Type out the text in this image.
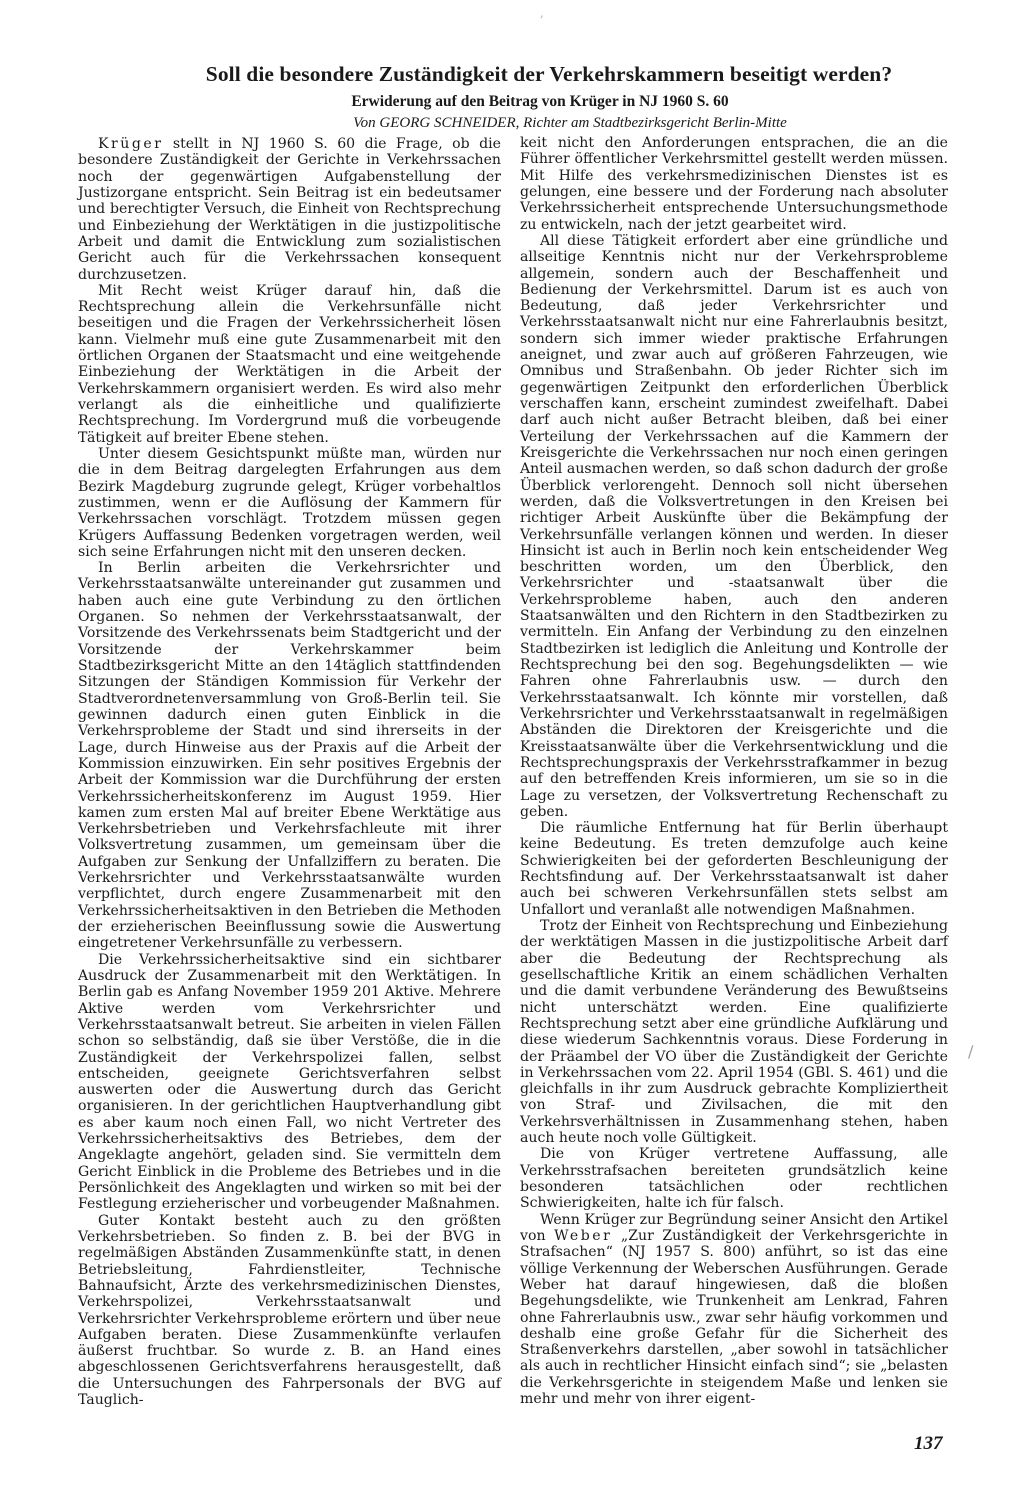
Soll die besondere Zuständigkeit der Verkehrskammern beseitigt werden?
Erwiderung auf den Beitrag von Krüger in NJ 1960 S. 60
Von GEORG SCHNEIDER, Richter am Stadtbezirksgericht Berlin-Mitte

Krüger stellt in NJ 1960 S. 60 die Frage, ob die besondere Zuständigkeit der Gerichte in Verkehrssachen noch der gegenwärtigen Aufgabenstellung der Justizorgane entspricht. Sein Beitrag ist ein bedeutsamer und berechtigter Versuch, die Einheit von Rechtsprechung und Einbeziehung der Werktätigen in die justizpolitische Arbeit und damit die Entwicklung zum sozialistischen Gericht auch für die Verkehrssachen konsequent durchzusetzen.

Mit Recht weist Krüger darauf hin, daß die Rechtsprechung allein die Verkehrsunfälle nicht beseitigen und die Fragen der Verkehrssicherheit lösen kann. Vielmehr muß eine gute Zusammenarbeit mit den örtlichen Organen der Staatsmacht und eine weitgehende Einbeziehung der Werktätigen in die Arbeit der Verkehrskammern organisiert werden. Es wird also mehr verlangt als die einheitliche und qualifizierte Rechtsprechung. Im Vordergrund muß die vorbeugende Tätigkeit auf breiter Ebene stehen.

Unter diesem Gesichtspunkt müßte man, würden nur die in dem Beitrag dargelegten Erfahrungen aus dem Bezirk Magdeburg zugrunde gelegt, Krüger vorbehaltlos zustimmen, wenn er die Auflösung der Kammern für Verkehrssachen vorschlägt. Trotzdem müssen gegen Krügers Auffassung Bedenken vorgetragen werden, weil sich seine Erfahrungen nicht mit den unseren decken.

In Berlin arbeiten die Verkehrsrichter und Verkehrsstaatsanwälte untereinander gut zusammen und haben auch eine gute Verbindung zu den örtlichen Organen. So nehmen der Verkehrsstaatsanwalt, der Vorsitzende des Verkehrssenats beim Stadtgericht und der Vorsitzende der Verkehrskammer beim Stadtbezirksgericht Mitte an den 14täglich stattfindenden Sitzungen der Ständigen Kommission für Verkehr der Stadtverordnetenversammlung von Groß-Berlin teil. Sie gewinnen dadurch einen guten Einblick in die Verkehrsprobleme der Stadt und sind ihrerseits in der Lage, durch Hinweise aus der Praxis auf die Arbeit der Kommission einzuwirken. Ein sehr positives Ergebnis der Arbeit der Kommission war die Durchführung der ersten Verkehrssicherheitskonferenz im August 1959. Hier kamen zum ersten Mal auf breiter Ebene Werktätige aus Verkehrsbetrieben und Verkehrsfachleute mit ihrer Volksvertretung zusammen, um gemeinsam über die Aufgaben zur Senkung der Unfallziffern zu beraten. Die Verkehrsrichter und Verkehrsstaatsanwälte wurden verpflichtet, durch engere Zusammenarbeit mit den Verkehrssicherheitsaktiven in den Betrieben die Methoden der erzieherischen Beeinflussung sowie die Auswertung eingetretener Verkehrsunfälle zu verbessern.

Die Verkehrssicherheitsaktive sind ein sichtbarer Ausdruck der Zusammenarbeit mit den Werktätigen. In Berlin gab es Anfang November 1959 201 Aktive. Mehrere Aktive werden vom Verkehrsrichter und Verkehrsstaatsanwalt betreut. Sie arbeiten in vielen Fällen schon so selbständig, daß sie über Verstöße, die in die Zuständigkeit der Verkehrspolizei fallen, selbst entscheiden, geeignete Gerichtsverfahren selbst auswerten oder die Auswertung durch das Gericht organisieren. In der gerichtlichen Hauptverhandlung gibt es aber kaum noch einen Fall, wo nicht Vertreter des Verkehrssicherheitsaktivs des Betriebes, dem der Angeklagte angehört, geladen sind. Sie vermitteln dem Gericht Einblick in die Probleme des Betriebes und in die Persönlichkeit des Angeklagten und wirken so mit bei der Festlegung erzieherischer und vorbeugender Maßnahmen.

Guter Kontakt besteht auch zu den größten Verkehrsbetrieben. So finden z. B. bei der BVG in regelmäßigen Abständen Zusammenkünfte statt, in denen Betriebsleitung, Fahrdienstleiter, Technische Bahnaufsicht, Ärzte des verkehrsmedizinischen Dienstes, Verkehrspolizei, Verkehrsstaatsanwalt und Verkehrsrichter Verkehrsprobleme erörtern und über neue Aufgaben beraten. Diese Zusammenkünfte verlaufen äußerst fruchtbar. So wurde z. B. an Hand eines abgeschlossenen Gerichtsverfahrens herausgestellt, daß die Untersuchungen des Fahrpersonals der BVG auf Tauglich-

keit nicht den Anforderungen entsprachen, die an die Führer öffentlicher Verkehrsmittel gestellt werden müssen. Mit Hilfe des verkehrsmedizinischen Dienstes ist es gelungen, eine bessere und der Forderung nach absoluter Verkehrssicherheit entsprechende Untersuchungsmethode zu entwickeln, nach der jetzt gearbeitet wird.

All diese Tätigkeit erfordert aber eine gründliche und allseitige Kenntnis nicht nur der Verkehrsprobleme allgemein, sondern auch der Beschaffenheit und Bedienung der Verkehrsmittel. Darum ist es auch von Bedeutung, daß jeder Verkehrsrichter und Verkehrsstaatsanwalt nicht nur eine Fahrerlaubnis besitzt, sondern sich immer wieder praktische Erfahrungen aneignet, und zwar auch auf größeren Fahrzeugen, wie Omnibus und Straßenbahn. Ob jeder Richter sich im gegenwärtigen Zeitpunkt den erforderlichen Überblick verschaffen kann, erscheint zumindest zweifelhaft. Dabei darf auch nicht außer Betracht bleiben, daß bei einer Verteilung der Verkehrssachen auf die Kammern der Kreisgerichte die Verkehrssachen nur noch einen geringen Anteil ausmachen werden, so daß schon dadurch der große Überblick verlorengeht. Dennoch soll nicht übersehen werden, daß die Volksvertretungen in den Kreisen bei richtiger Arbeit Auskünfte über die Bekämpfung der Verkehrsunfälle verlangen können und werden. In dieser Hinsicht ist auch in Berlin noch kein entscheidender Weg beschritten worden, um den Überblick, den Verkehrsrichter und -staatsanwalt über die Verkehrsprobleme haben, auch den anderen Staatsanwälten und den Richtern in den Stadtbezirken zu vermitteln. Ein Anfang der Verbindung zu den einzelnen Stadtbezirken ist lediglich die Anleitung und Kontrolle der Rechtsprechung bei den sog. Begehungsdelikten — wie Fahren ohne Fahrerlaubnis usw. — durch den Verkehrsstaatsanwalt. Ich könnte mir vorstellen, daß Verkehrsrichter und Verkehrsstaatsanwalt in regelmäßigen Abständen die Direktoren der Kreisgerichte und die Kreisstaatsanwälte über die Verkehrsentwicklung und die Rechtsprechungspraxis der Verkehrsstrafkammer in bezug auf den betreffenden Kreis informieren, um sie so in die Lage zu versetzen, der Volksvertretung Rechenschaft zu geben.

Die räumliche Entfernung hat für Berlin überhaupt keine Bedeutung. Es treten demzufolge auch keine Schwierigkeiten bei der geforderten Beschleunigung der Rechtsfindung auf. Der Verkehrsstaatsanwalt ist daher auch bei schweren Verkehrsunfällen stets selbst am Unfallort und veranlaßt alle notwendigen Maßnahmen.

Trotz der Einheit von Rechtsprechung und Einbeziehung der werktätigen Massen in die justizpolitische Arbeit darf aber die Bedeutung der Rechtsprechung als gesellschaftliche Kritik an einem schädlichen Verhalten und die damit verbundene Veränderung des Bewußtseins nicht unterschätzt werden. Eine qualifizierte Rechtsprechung setzt aber eine gründliche Aufklärung und diese wiederum Sachkenntnis voraus. Diese Forderung in der Präambel der VO über die Zuständigkeit der Gerichte in Verkehrssachen vom 22. April 1954 (GBl. S. 461) und die gleichfalls in ihr zum Ausdruck gebrachte Kompliziertheit von Straf- und Zivilsachen, die mit den Verkehrsverhältnissen in Zusammenhang stehen, haben auch heute noch volle Gültigkeit.

Die von Krüger vertretene Auffassung, alle Verkehrsstrafsachen bereiteten grundsätzlich keine besonderen tatsächlichen oder rechtlichen Schwierigkeiten, halte ich für falsch.

Wenn Krüger zur Begründung seiner Ansicht den Artikel von Weber „Zur Zuständigkeit der Verkehrsgerichte in Strafsachen“ (NJ 1957 S. 800) anführt, so ist das eine völlige Verkennung der Weberschen Ausführungen. Gerade Weber hat darauf hingewiesen, daß die bloßen Begehungsdelikte, wie Trunkenheit am Lenkrad, Fahren ohne Fahrerlaubnis usw., zwar sehr häufig vorkommen und deshalb eine große Gefahr für die Sicherheit des Straßenverkehrs darstellen, „aber sowohl in tatsächlicher als auch in rechtlicher Hinsicht einfach sind“; sie „belasten die Verkehrsgerichte in steigendem Maße und lenken sie mehr und mehr von ihrer eigent-

,
∕
137
